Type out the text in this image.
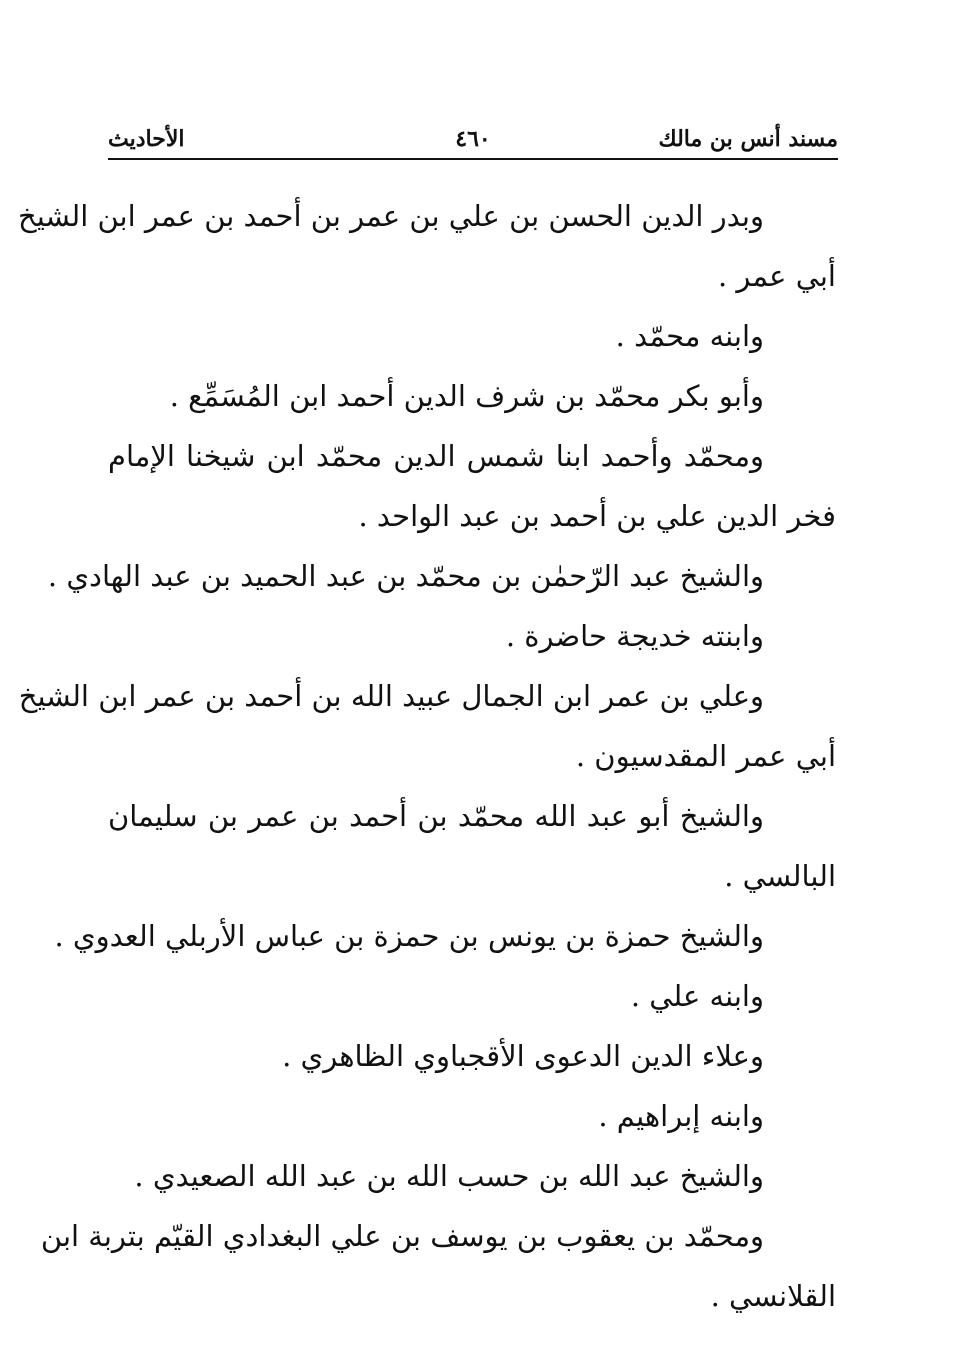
مسند أنس بن مالك
٤٦٠
الأحاديث

وبدر الدين الحسن بن علي بن عمر بن أحمد بن عمر ابن الشيخ
أبي عمر .

وابنه محمّد .

وأبو بكر محمّد بن شرف الدين أحمد ابن المُسَمِّع .

ومحمّد وأحمد ابنا شمس الدين محمّد ابن شيخنا الإمام
فخر الدين علي بن أحمد بن عبد الواحد .

والشيخ عبد الرّحمٰن بن محمّد بن عبد الحميد بن عبد الهادي .

وابنته خديجة حاضرة .

وعلي بن عمر ابن الجمال عبيد الله بن أحمد بن عمر ابن الشيخ
أبي عمر المقدسيون .

والشيخ أبو عبد الله محمّد بن أحمد بن عمر بن سليمان
البالسي .

والشيخ حمزة بن يونس بن حمزة بن عباس الأربلي العدوي .

وابنه علي .

وعلاء الدين الدعوى الأقجباوي الظاهري .

وابنه إبراهيم .

والشيخ عبد الله بن حسب الله بن عبد الله الصعيدي .

ومحمّد بن يعقوب بن يوسف بن علي البغدادي القيّم بتربة ابن
القلانسي .
